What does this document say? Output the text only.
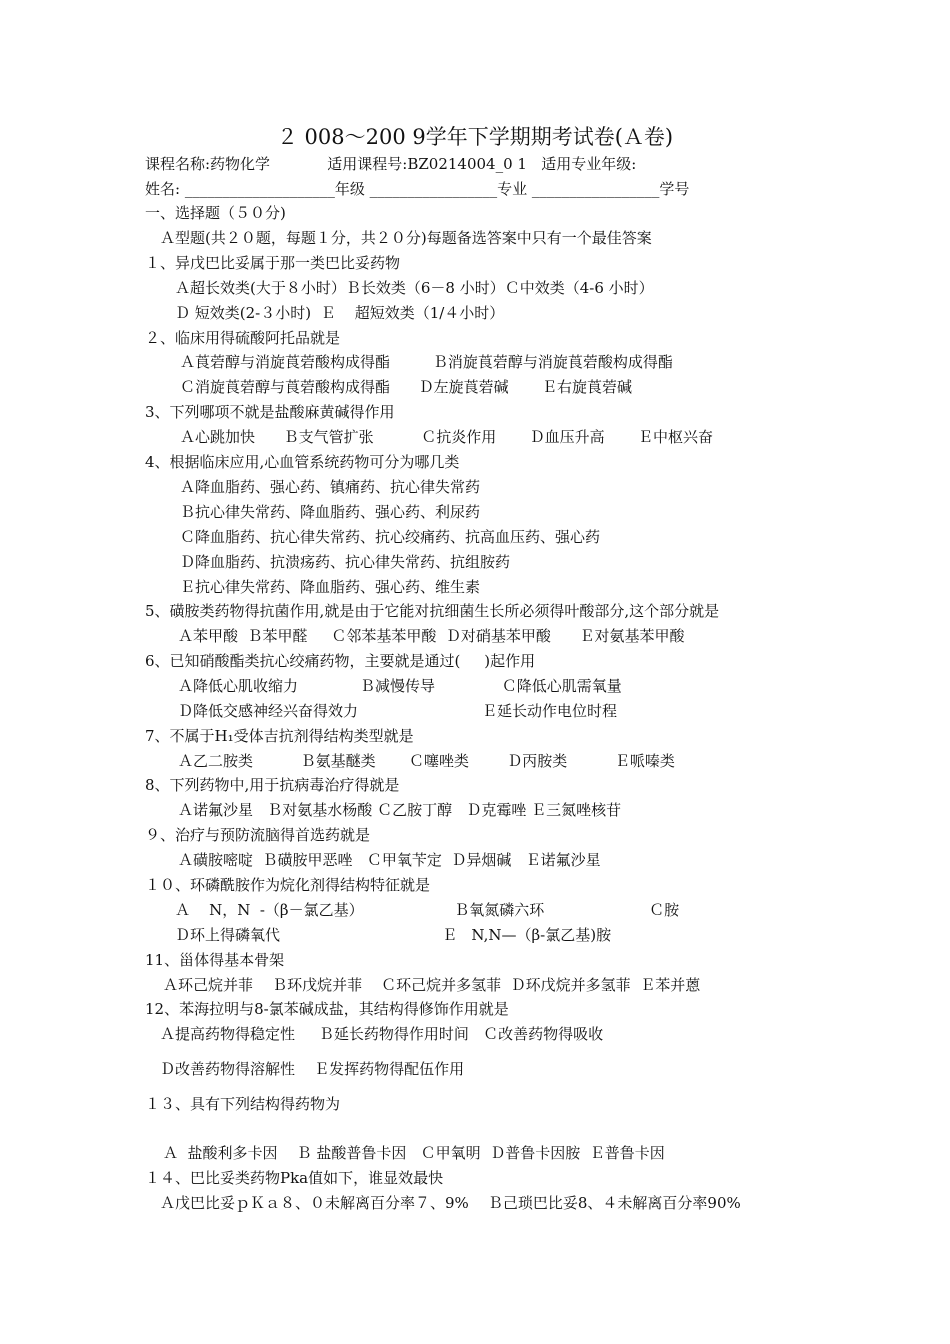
２ 008～200 9学年下学期期考试卷(Ａ卷)
课程名称:药物化学            适用课程号:BZ0214004_0 1   适用专业年级:
姓名: ____________________年级 _________________专业 _________________学号
一、选择题（５０分)
Ａ型题(共２０题，每题１分，共２０分)每题备选答案中只有一个最佳答案
１、异戊巴比妥属于那一类巴比妥药物
Ａ超长效类(大于８小时）Ｂ长效类（6－8 小时）Ｃ中效类（4-6 小时）
Ｄ 短效类(2-３小时)  Ｅ    超短效类（1/４小时）
２、临床用得硫酸阿托品就是
Ａ莨菪醇与消旋莨菪酸构成得酯         Ｂ消旋莨菪醇与消旋莨菪酸构成得酯
Ｃ消旋莨菪醇与莨菪酸构成得酯      Ｄ左旋莨菪碱       Ｅ右旋莨菪碱
3、下列哪项不就是盐酸麻黄碱得作用
Ａ心跳加快      Ｂ支气管扩张          Ｃ抗炎作用       Ｄ血压升高       Ｅ中枢兴奋
4、根据临床应用,心血管系统药物可分为哪几类
Ａ降血脂药、强心药、镇痛药、抗心律失常药
Ｂ抗心律失常药、降血脂药、强心药、利尿药
Ｃ降血脂药、抗心律失常药、抗心绞痛药、抗高血压药、强心药
Ｄ降血脂药、抗溃疡药、抗心律失常药、抗组胺药
Ｅ抗心律失常药、降血脂药、强心药、维生素
5、磺胺类药物得抗菌作用,就是由于它能对抗细菌生长所必须得叶酸部分,这个部分就是
Ａ苯甲酸  Ｂ苯甲醛     Ｃ邻苯基苯甲酸  Ｄ对硝基苯甲酸      Ｅ对氨基苯甲酸
6、已知硝酸酯类抗心绞痛药物，主要就是通过(     )起作用
Ａ降低心肌收缩力             Ｂ减慢传导              Ｃ降低心肌需氧量
Ｄ降低交感神经兴奋得效力                          Ｅ延长动作电位时程
7、不属于H₁受体吉抗剂得结构类型就是
Ａ乙二胺类          Ｂ氨基醚类       Ｃ噻唑类        Ｄ丙胺类          Ｅ哌嗪类
8、下列药物中,用于抗病毒治疗得就是
Ａ诺氟沙星   Ｂ对氨基水杨酸 Ｃ乙胺丁醇   Ｄ克霉唑 Ｅ三氮唑核苷
９、治疗与预防流脑得首选药就是
Ａ磺胺嘧啶  Ｂ磺胺甲恶唑   Ｃ甲氧苄定  Ｄ异烟碱   Ｅ诺氟沙星
１０、环磷酰胺作为烷化剂得结构特征就是
Ａ    N，N  -（β－氯乙基）                   Ｂ氧氮磷六环                      Ｃ胺
Ｄ环上得磷氧代                                  Ｅ   N,N—（β-氯乙基)胺
11、甾体得基本骨架
Ａ环己烷并菲    Ｂ环戊烷并菲    Ｃ环己烷并多氢菲  Ｄ环戊烷并多氢菲  Ｅ苯并蒽
12、苯海拉明与8-氯苯碱成盐，其结构得修饰作用就是
Ａ提高药物得稳定性     Ｂ延长药物得作用时间   Ｃ改善药物得吸收
Ｄ改善药物得溶解性    Ｅ发挥药物得配伍作用
１３、具有下列结构得药物为
Ａ  盐酸利多卡因    Ｂ 盐酸普鲁卡因   Ｃ甲氧明  Ｄ普鲁卡因胺  Ｅ普鲁卡因
１４、巴比妥类药物Pka值如下，谁显效最快
Ａ戊巴比妥ｐＫａ８、０未解离百分率７、9%    Ｂ己琐巴比妥8、４未解离百分率90%
